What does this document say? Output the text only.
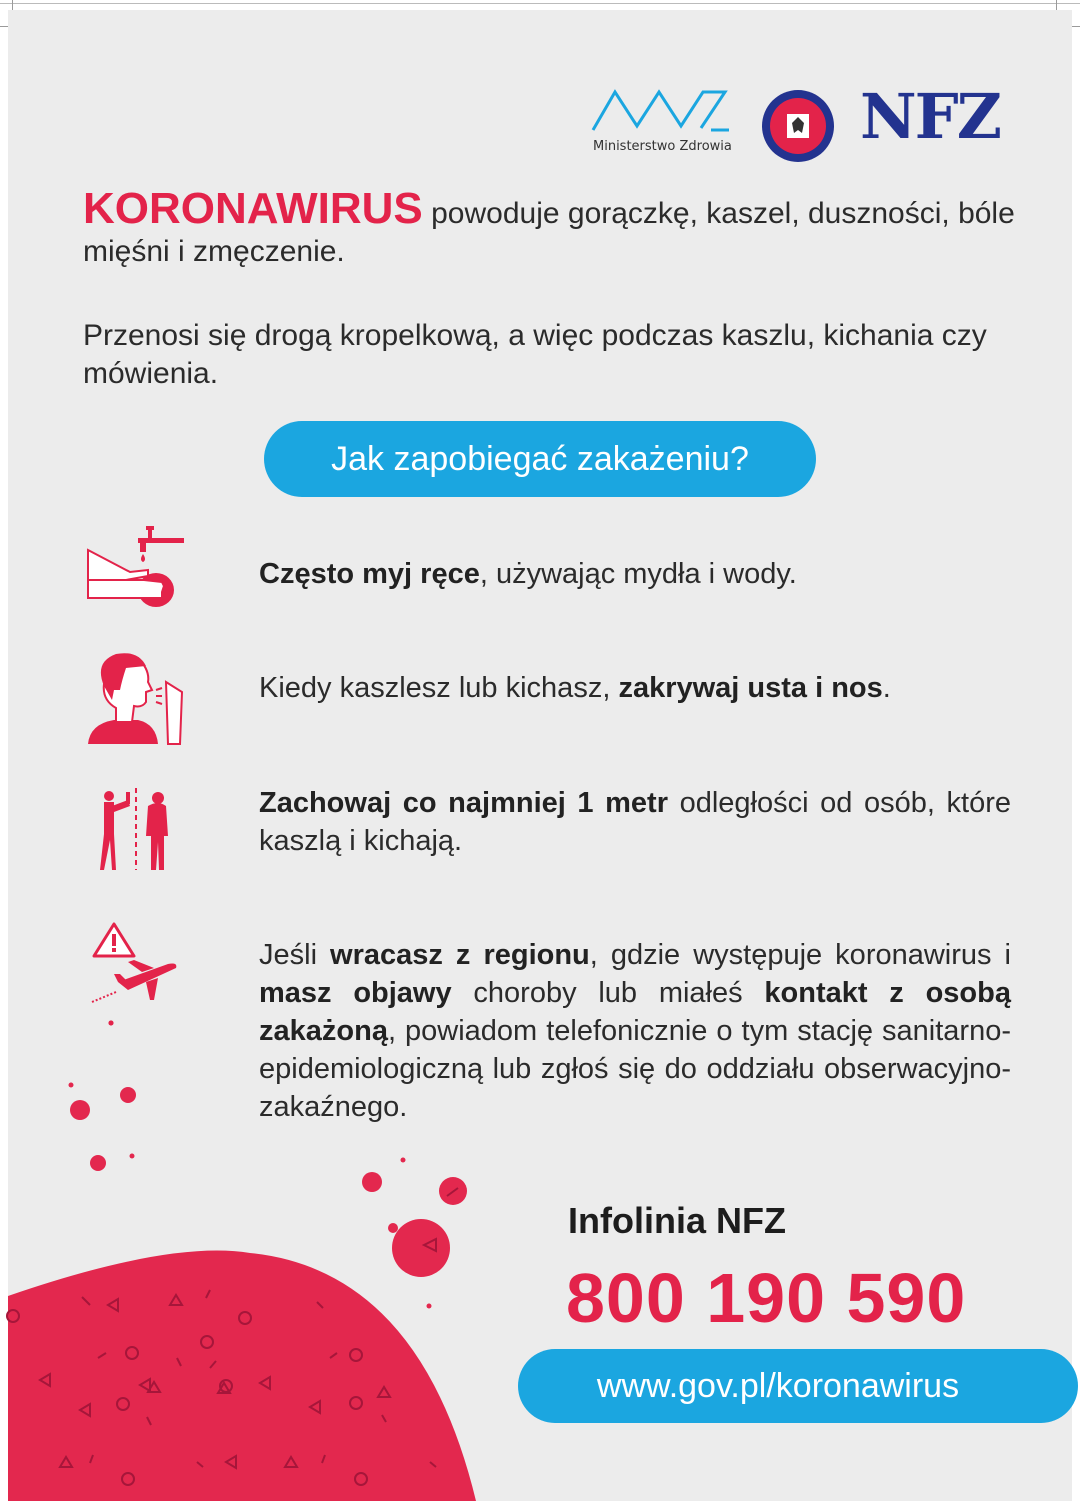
Ministerstwo Zdrowia NFZ
KORONAWIRUS powoduje gorączkę, kaszel, duszności, bóle mięśni i zmęczenie.
Przenosi się drogą kropelkową, a więc podczas kaszlu, kichania czy mówienia.
Jak zapobiegać zakażeniu?
Często myj ręce, używając mydła i wody.
Kiedy kaszlesz lub kichasz, zakrywaj usta i nos.
Zachowaj co najmniej 1 metr odległości od osób, które kaszlą i kichają.
Jeśli wracasz z regionu, gdzie występuje koronawirus i masz objawy choroby lub miałeś kontakt z osobą zakażoną, powiadom telefonicznie o tym stację sanitarno-epidemiologiczną lub zgłoś się do oddziału obserwacyjno-zakaźnego.
Infolinia NFZ
800 190 590
www.gov.pl/koronawirus
